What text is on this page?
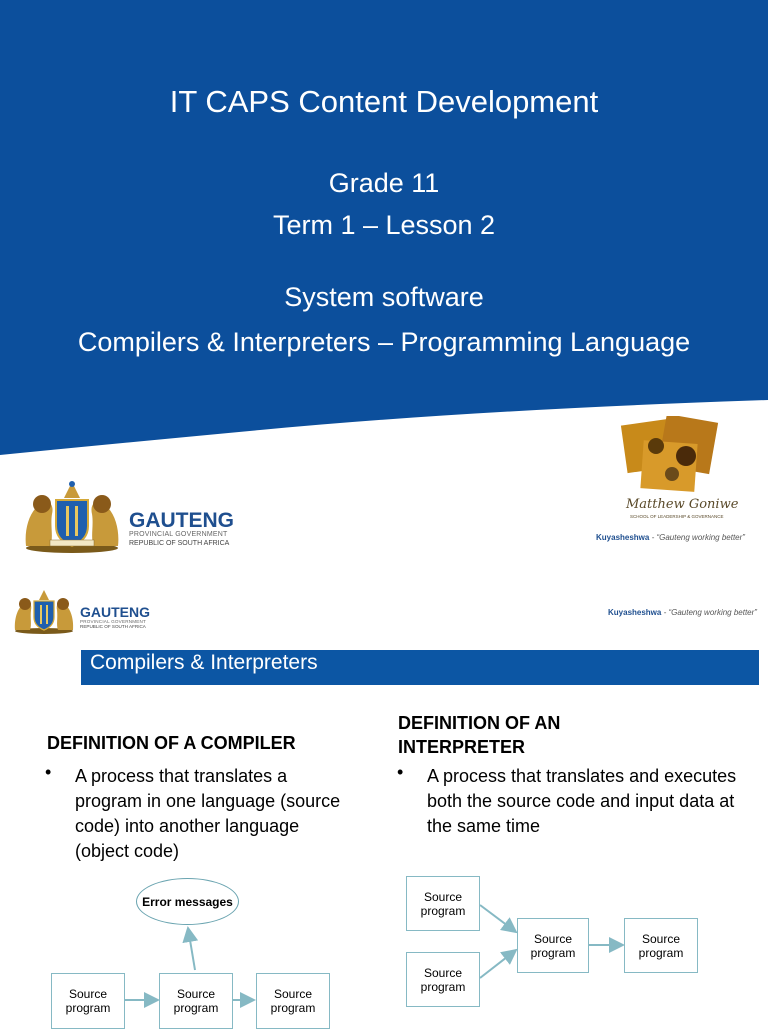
IT CAPS Content Development
Grade 11
Term 1 – Lesson 2
System software
Compilers & Interpreters – Programming Language
GAUTENG
PROVINCIAL GOVERNMENT
REPUBLIC OF SOUTH AFRICA
Matthew Goniwe
SCHOOL OF LEADERSHIP & GOVERNANCE
Kuyasheshwa - “Gauteng working better”
GAUTENG
PROVINCIAL GOVERNMENT
REPUBLIC OF SOUTH AFRICA
Kuyasheshwa - “Gauteng working better”
Compilers & Interpreters
DEFINITION OF A COMPILER
• A process that translates a program in one language (source code) into another language (object code)
DEFINITION OF AN INTERPRETER
• A process that translates and executes both the source code and input data at the same time
Error messages
Source program
Source program
Source program
Source program
Source program
Source program
Source program
